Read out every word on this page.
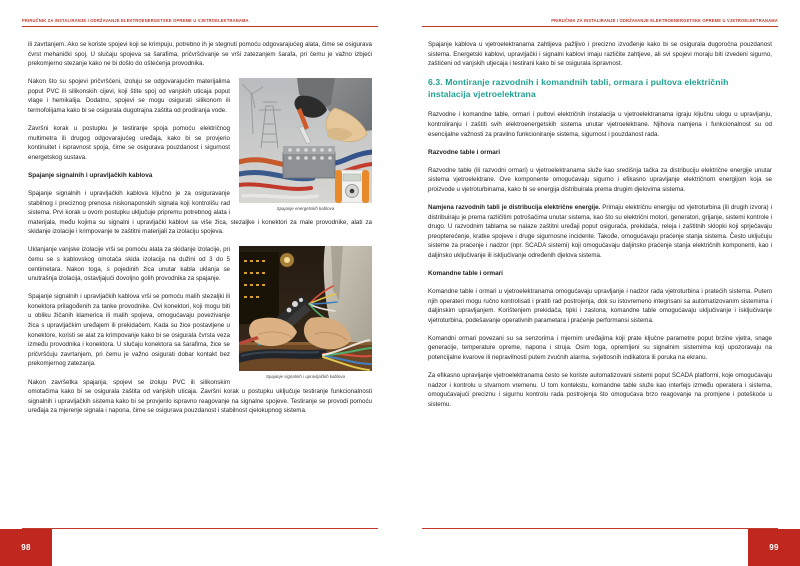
PRIRUČNIK ZA INSTALIRANJE I ODRŽAVANJE ELEKTROENERGETSKE OPREME U VJETROELEKTRANAMA

ili zavrtanjem. Ako se koriste spojevi koji se krimpuju, potrebno ih je stegnuti pomoću odgovarajućeg alata, čime se osigurava čvrst mehanički spoj. U slučaju spojeva sa šarafima, pričvršćivanje se vrši zatezanjem šarafa, pri čemu je važno izbjeći prekomjerno stezanje kako ne bi došlo do oštećenja provodnika.

Spajanje energetskih kablova

Nakon što su spojevi pričvršćeni, izoluju se odgovarajućim materijalima poput PVC ili silikonskih cijevi, koji štite spoj od vanjskih uticaja poput vlage i hemikalija. Dodatno, spojevi se mogu osigurati silikonom ili termofolijama kako bi se osigurala dugotrajna zaštita od prodiranja vode.

Završni korak u postupku je testiranje spoja pomoću električnog multimetra ili drugog odgovarajućeg uređaja, kako bi se provjerio kontinuitet i ispravnost spoja, čime se osigurava pouzdanost i sigurnost energetskog sustava.

Spajanje signalnih i upravljačkih kablova

Spajanje signalnih i upravljačkih kablova ključno je za osiguravanje stabilnog i preciznog prenosa niskonaponskih signala koji kontrolišu rad sistema. Prvi korak u ovom postupku uključuje pripremu potrebnog alata i materijala, među kojima su signalni i upravljački kablovi sa više žica, stezaljke i konektori za male provodnike, alati za skidanje izolacije i krimpovanje te zaštitni materijali za izolaciju spojeva.

Spajanje signalnih i upravljačkih kablova

Uklanjanje vanjske izolacije vrši se pomoću alata za skidanje izolacije, pri čemu se s kablovskog omotača skida izolacija na dužini od 3 do 5 centimetara. Nakon toga, s pojedinih žica unutar kabla uklanja se unutrašnja izolacija, ostavljajući dovoljno golih provodnika za spajanje.

Spajanje signalnih i upravljačkih kablova vrši se pomoću malih stezaljki ili konektora prilagođenih za tanke provodnike. Ovi konektori, koji mogu biti u obliku žičanih klamerica ili malih spojeva, omogućavaju povezivanje žica s upravljačkim uređajem ili prekidačem. Kada su žice postavljene u konektore, koristi se alat za krimpovanje kako bi se osigurala čvrsta veza između provodnika i konektora. U slučaju konektora sa šarafima, žice se pričvršćuju zavrtanjem, pri čemu je važno osigurati dobar kontakt bez prekomjernog zatezanja.

Nakon završetka spajanja, spojevi se izoluju PVC ili silikonskim omotačima kako bi se osigurala zaštita od vanjskih uticaja. Završni korak u postupku uključuje testiranje funkcionalnosti signalnih i upravljačkih sistema kako bi se provjerilo ispravno reagovanje na signalne spojeve. Testiranje se provodi pomoću uređaja za mjerenje signala i napona, čime se osigurava pouzdanost i stabilnost cjelokupnog sistema.

98
PRIRUČNIK ZA INSTALIRANJE I ODRŽAVANJE ELEKTROENERGETSKE OPREME U VJETROELEKTRANAMA

Spajanje kablova u vjetroelektranama zahtijeva pažljivo i precizno izvođenje kako bi se osigurala dugoročna pouzdanost sistema. Energetski kablovi, upravljački i signalni kablovi imaju različite zahtjeve, ali svi spojevi moraju biti izvedeni sigurno, zaštićeni od vanjskih utjecaja i testirani kako bi se osigurala ispravnost.

6.3. Montiranje razvodnih i komandnih tabli, ormara i pultova električnih instalacija vjetroelektrana

Razvodne i komandne table, ormari i pultovi električnih instalacija u vjetroelektranama igraju ključnu ulogu u upravljanju, kontroliranju i zaštiti svih elektroenergetskih sistema unutar vjetroelektrane. Njihova namjena i funkcionalnost su od esencijalne važnosti za pravilno funkcioniranje sistema, sigurnost i pouzdanost rada.

Razvodne table i ormari

Razvodne table (ili razvodni ormari) u vjetroelektranama služe kao središnja tačka za distribuciju električne energije unutar sistema vjetroelektrane. Ove komponente omogućavaju sigurno i efikasno upravljanje električnom energijom koja se proizvode u vjetroturbinama, kako bi se energija distribuirala prema drugim djelovima sistema.

Namjena razvodnih tabli je distribucija električne energije. Primaju električnu energiju od vjetroturbina (ili drugih izvora) i distribuiraju je prema različitim potrošačima unutar sistema, kao što su električni motori, generatori, grijanje, sistemi kontrole i drugo. U razvodnim tablama se nalaze zaštitni uređaji poput osigurača, prekidača, releja i zaštitnih sklopki koji sprječavaju preopterećenje, kratke spojeve i druge sigurnosne incidente. Takođe, omogućavaju praćenje stanja sistema. Često uključuju sisteme za praćenje i nadzor (npr. SCADA sistemi) koji omogućavaju daljinsko praćenje stanja električnih komponenti, kao i daljinsko uključivanje ili isključivanje određenih djelova sistema.

Komandne table i ormari

Komandne table i ormari u vjetroelektranama omogućavaju upravljanje i nadzor rada vjetroturbina i pratećih sistema. Putem njih operateri mogu ručno kontrolisati i pratiti rad postrojenja, dok su istovremeno integrisani sa automatizovanim sistemima i daljinskim upravljanjem. Korištenjem prekidača, tipki i zaslona, komandne table omogućavaju uključivanje i isključivanje vjetroturbina, podešavanje operativnih parametara i praćenje performansi sistema.

Komandni ormari povezani su sa senzorima i mjernim uređajima koji prate ključne parametre poput brzine vjetra, snage generacije, temperature opreme, napona i struja. Osim toga, opremljeni su signalnim sistemima koji upozoravaju na potencijalne kvarove ili nepravilnosti putem zvučnih alarma, svjetlosnih indikatora ili poruka na ekranu.

Za efikasno upravljanje vjetroelektranama često se koriste automatizovani sistemi poput SCADA platformi, koje omogućavaju nadzor i kontrolu u stvarnom vremenu. U tom kontekstu, komandne table služe kao interfejs između operatera i sistema, omogućavajući preciznu i sigurnu kontrolu rada postrojenja što omogućava brzo reagovanje na promjene i poteškoće u sistemu.

99
